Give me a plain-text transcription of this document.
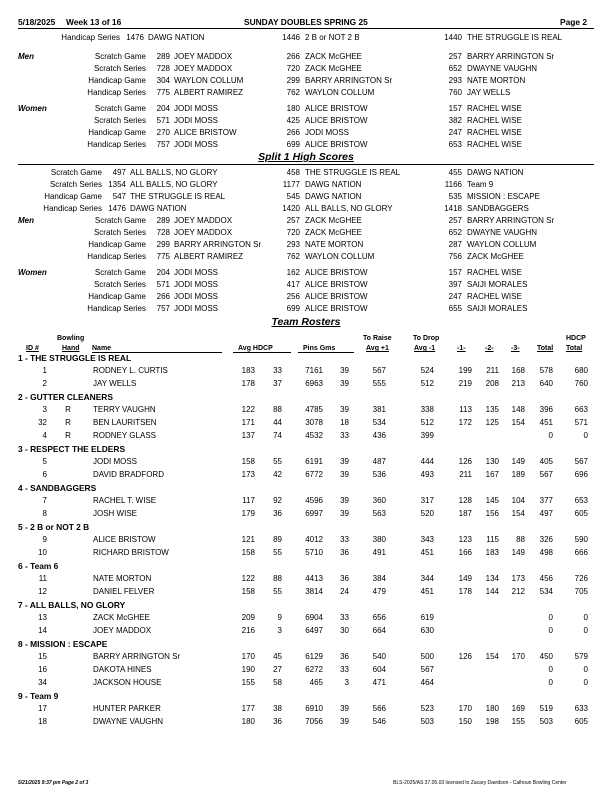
5/18/2025 Week 13 of 16	SUNDAY DOUBLES SPRING 25	Page 2
Handicap Series 1476 DAWG NATION	1446 2 B or NOT 2 B	1440 THE STRUGGLE IS REAL
Men	Scratch Game	289 JOEY MADDOX	266 ZACK McGHEE	257 BARRY ARRINGTON Sr
Scratch Series	728 JOEY MADDOX	720 ZACK McGHEE	652 DWAYNE VAUGHN
Handicap Game	304 WAYLON COLLUM	299 BARRY ARRINGTON Sr	293 NATE MORTON
Handicap Series	775 ALBERT RAMIREZ	762 WAYLON COLLUM	760 JAY WELLS
Women	Scratch Game	204 JODI MOSS	180 ALICE BRISTOW	157 RACHEL WISE
Scratch Series	571 JODI MOSS	425 ALICE BRISTOW	382 RACHEL WISE
Handicap Game	270 ALICE BRISTOW	266 JODI MOSS	247 RACHEL WISE
Handicap Series	757 JODI MOSS	699 ALICE BRISTOW	653 RACHEL WISE
Split 1 High Scores
Scratch Game	497 ALL BALLS, NO GLORY	458 THE STRUGGLE IS REAL	455 DAWG NATION
Scratch Series 1354 ALL BALLS, NO GLORY	1177 DAWG NATION	1166 Team 9
Handicap Game	547 THE STRUGGLE IS REAL	545 DAWG NATION	535 MISSION : ESCAPE
Handicap Series 1476 DAWG NATION	1420 ALL BALLS, NO GLORY	1418 SANDBAGGERS
Men	Scratch Game	289 JOEY MADDOX	257 ZACK McGHEE	257 BARRY ARRINGTON Sr
Scratch Series	728 JOEY MADDOX	720 ZACK McGHEE	652 DWAYNE VAUGHN
Handicap Game	299 BARRY ARRINGTON Sr	293 NATE MORTON	287 WAYLON COLLUM
Handicap Series	775 ALBERT RAMIREZ	762 WAYLON COLLUM	756 ZACK McGHEE
Women	Scratch Game	204 JODI MOSS	162 ALICE BRISTOW	157 RACHEL WISE
Scratch Series	571 JODI MOSS	417 ALICE BRISTOW	397 SAIJI MORALES
Handicap Game	266 JODI MOSS	256 ALICE BRISTOW	247 RACHEL WISE
Handicap Series	757 JODI MOSS	699 ALICE BRISTOW	655 SAIJI MORALES
Team Rosters
Bowling	To Raise	To Drop	HDCP
ID #	Hand Name	Avg HDCP	Pins Gms	Avg +1	Avg -1	-1-	-2- -3- Total Total
1 - THE STRUGGLE IS REAL
1	RODNEY L. CURTIS	183	33	7161	39	567	524	199	211	168	578	680
2	JAY WELLS	178	37	6963	39	555	512	219	208	213	640	760
2 - GUTTER CLEANERS
3 R	TERRY VAUGHN	122	88	4785	39	381	338	113	135	148	396	663
32 R	BEN LAURITSEN	171	44	3078	18	534	512	172	125	154	451	571
4 R	RODNEY GLASS	137	74	4532	33	436	399	0	0
3 - RESPECT THE ELDERS
5	JODI MOSS	158	55	6191	39	487	444	126	130	149	405	567
6	DAVID BRADFORD	173	42	6772	39	536	493	211	167	189	567	696
4 - SANDBAGGERS
7	RACHEL T. WISE	117	92	4596	39	360	317	128	145	104	377	653
8	JOSH WISE	179	36	6997	39	563	520	187	156	154	497	605
5 - 2 B or NOT 2 B
9	ALICE BRISTOW	121	89	4012	33	380	343	123	115	88	326	590
10	RICHARD BRISTOW	158	55	5710	36	491	451	166	183	149	498	666
6 - Team 6
11	NATE MORTON	122	88	4413	36	384	344	149	134	173	456	726
12	DANIEL FELVER	158	55	3814	24	479	451	178	144	212	534	705
7 - ALL BALLS, NO GLORY
13	ZACK McGHEE	209	9	6904	33	656	619	0	0
14	JOEY MADDOX	216	3	6497	30	664	630	0	0
8 - MISSION : ESCAPE
15	BARRY ARRINGTON Sr	170	45	6129	36	540	500	126	154	170	450	579
16	DAKOTA HINES	190	27	6272	33	604	567	0	0
34	JACKSON HOUSE	155	58	465	3	471	464	0	0
9 - Team 9
17	HUNTER PARKER	177	38	6910	39	566	523	170	180	169	519	633
18	DWAYNE VAUGHN	180	36	7056	39	546	503	150	198	155	503	605
5/21/2025 9:37 pm Page 2 of 3	BLS-2025/AS 37.05.03 licensed to Zacary Davidson - Calhoun Bowling Center
